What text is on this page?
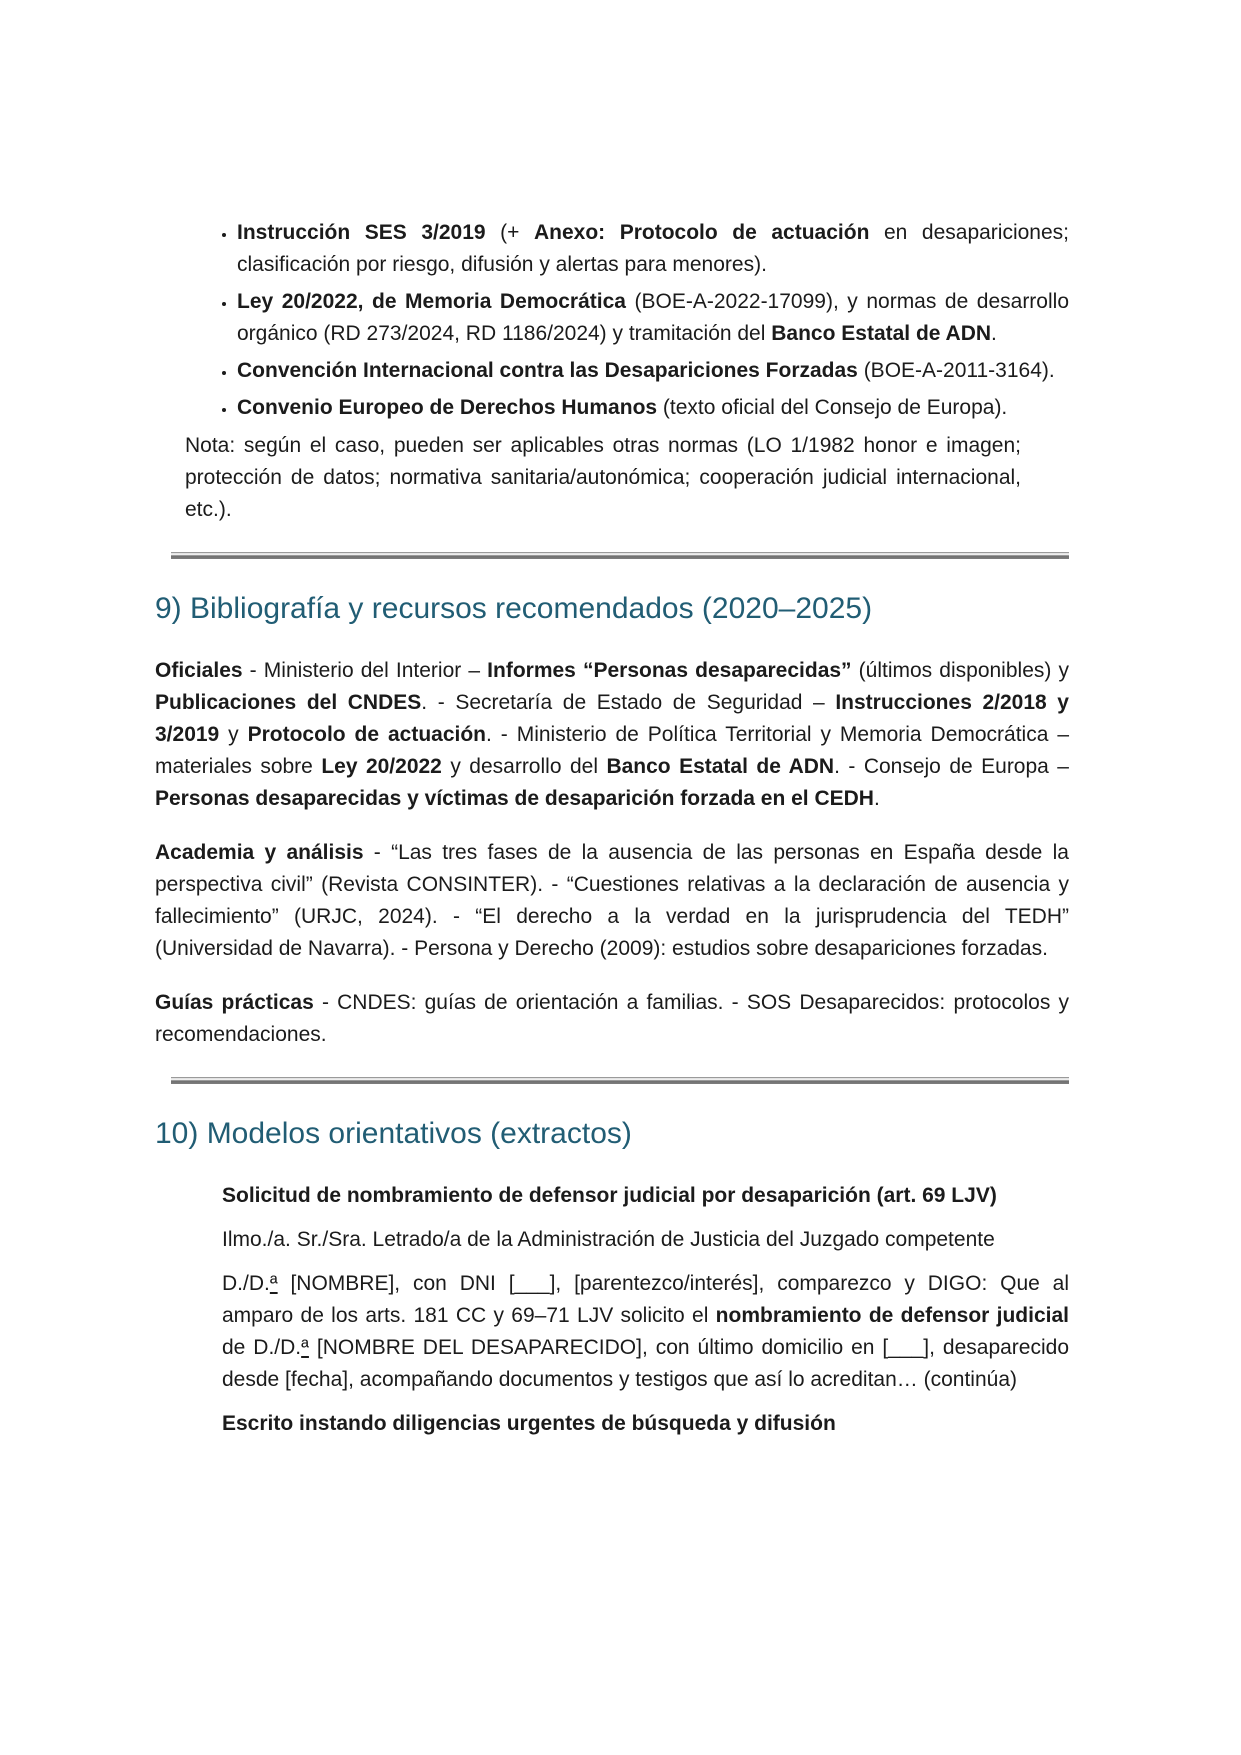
• Instrucción SES 3/2019 (+ Anexo: Protocolo de actuación en desapariciones; clasificación por riesgo, difusión y alertas para menores).
• Ley 20/2022, de Memoria Democrática (BOE-A-2022-17099), y normas de desarrollo orgánico (RD 273/2024, RD 1186/2024) y tramitación del Banco Estatal de ADN.
• Convención Internacional contra las Desapariciones Forzadas (BOE-A-2011-3164).
• Convenio Europeo de Derechos Humanos (texto oficial del Consejo de Europa).

Nota: según el caso, pueden ser aplicables otras normas (LO 1/1982 honor e imagen; protección de datos; normativa sanitaria/autonómica; cooperación judicial internacional, etc.).

9) Bibliografía y recursos recomendados (2020–2025)

Oficiales - Ministerio del Interior – Informes “Personas desaparecidas” (últimos disponibles) y Publicaciones del CNDES. - Secretaría de Estado de Seguridad – Instrucciones 2/2018 y 3/2019 y Protocolo de actuación. - Ministerio de Política Territorial y Memoria Democrática – materiales sobre Ley 20/2022 y desarrollo del Banco Estatal de ADN. - Consejo de Europa – Personas desaparecidas y víctimas de desaparición forzada en el CEDH.

Academia y análisis - “Las tres fases de la ausencia de las personas en España desde la perspectiva civil” (Revista CONSINTER). - “Cuestiones relativas a la declaración de ausencia y fallecimiento” (URJC, 2024). - “El derecho a la verdad en la jurisprudencia del TEDH” (Universidad de Navarra). - Persona y Derecho (2009): estudios sobre desapariciones forzadas.

Guías prácticas - CNDES: guías de orientación a familias. - SOS Desaparecidos: protocolos y recomendaciones.

10) Modelos orientativos (extractos)

Solicitud de nombramiento de defensor judicial por desaparición (art. 69 LJV)

Ilmo./a. Sr./Sra. Letrado/a de la Administración de Justicia del Juzgado competente

D./D.ª [NOMBRE], con DNI [___], [parentezco/interés], comparezco y DIGO: Que al amparo de los arts. 181 CC y 69–71 LJV solicito el nombramiento de defensor judicial de D./D.ª [NOMBRE DEL DESAPARECIDO], con último domicilio en [___], desaparecido desde [fecha], acompañando documentos y testigos que así lo acreditan… (continúa)

Escrito instando diligencias urgentes de búsqueda y difusión
